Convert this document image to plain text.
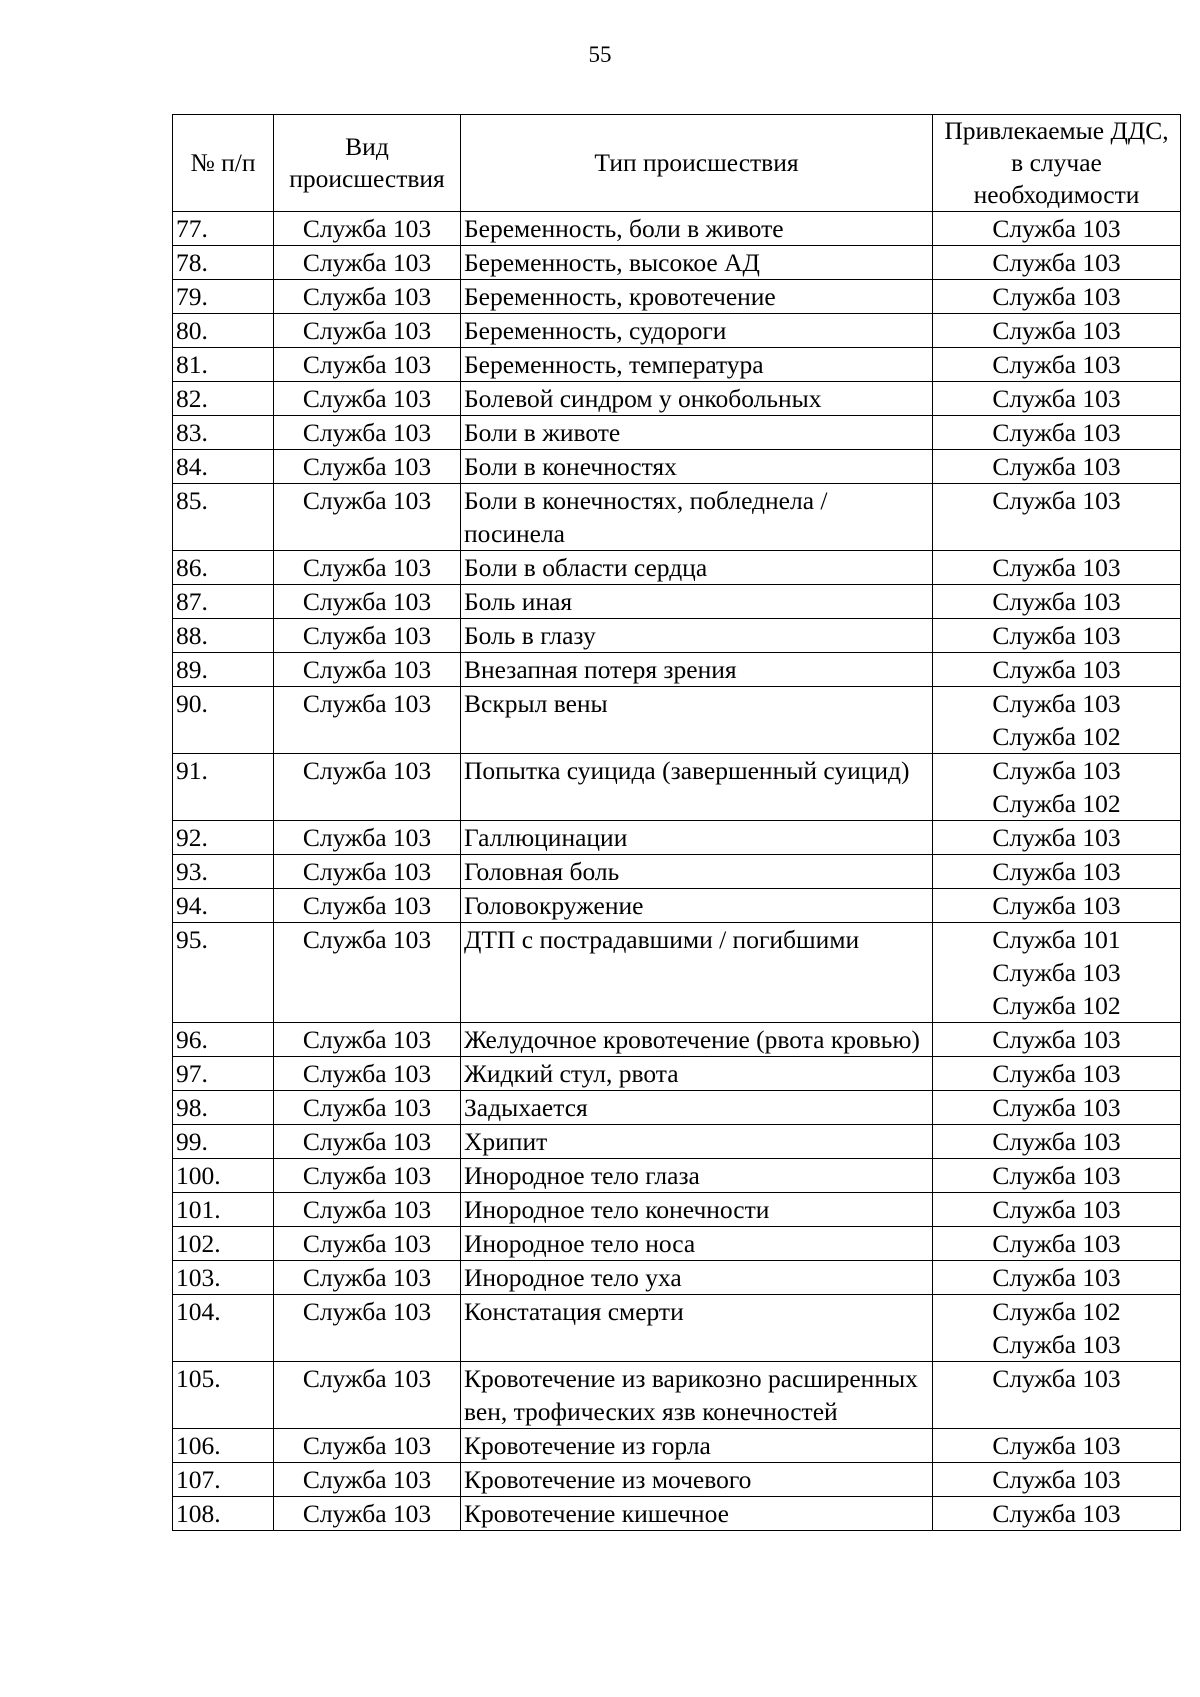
55
№ п/п	Вид происшествия	Тип происшествия	Привлекаемые ДДС, в случае необходимости
77.	Служба 103	Беременность, боли в животе	Служба 103

78.	Служба 103	Беременность, высокое АД	Служба 103

79.	Служба 103	Беременность, кровотечение	Служба 103

80.	Служба 103	Беременность, судороги	Служба 103

81.	Служба 103	Беременность, температура	Служба 103

82.	Служба 103	Болевой синдром у онкобольных	Служба 103

83.	Служба 103	Боли в животе	Служба 103

84.	Служба 103	Боли в конечностях	Служба 103

85.	Служба 103	Боли в конечностях, побледнела / посинела	Служба 103

86.	Служба 103	Боли в области сердца	Служба 103

87.	Служба 103	Боль иная	Служба 103

88.	Служба 103	Боль в глазу	Служба 103

89.	Служба 103	Внезапная потеря зрения	Служба 103

90.	Служба 103	Вскрыл вены	Служба 103
Служба 102

91.	Служба 103	Попытка суицида (завершенный суицид)	Служба 103
Служба 102

92.	Служба 103	Галлюцинации	Служба 103

93.	Служба 103	Головная боль	Служба 103

94.	Служба 103	Головокружение	Служба 103

95.	Служба 103	ДТП с пострадавшими / погибшими	Служба 101
Служба 103
Служба 102

96.	Служба 103	Желудочное кровотечение (рвота кровью)	Служба 103

97.	Служба 103	Жидкий стул, рвота	Служба 103

98.	Служба 103	Задыхается	Служба 103

99.	Служба 103	Хрипит	Служба 103

100.	Служба 103	Инородное тело глаза	Служба 103

101.	Служба 103	Инородное тело конечности	Служба 103

102.	Служба 103	Инородное тело носа	Служба 103

103.	Служба 103	Инородное тело уха	Служба 103

104.	Служба 103	Констатация смерти	Служба 102
Служба 103

105.	Служба 103	Кровотечение из варикозно расширенных вен, трофических язв конечностей	Служба 103

106.	Служба 103	Кровотечение из горла	Служба 103

107.	Служба 103	Кровотечение из мочевого	Служба 103

108.	Служба 103	Кровотечение кишечное	Служба 103
